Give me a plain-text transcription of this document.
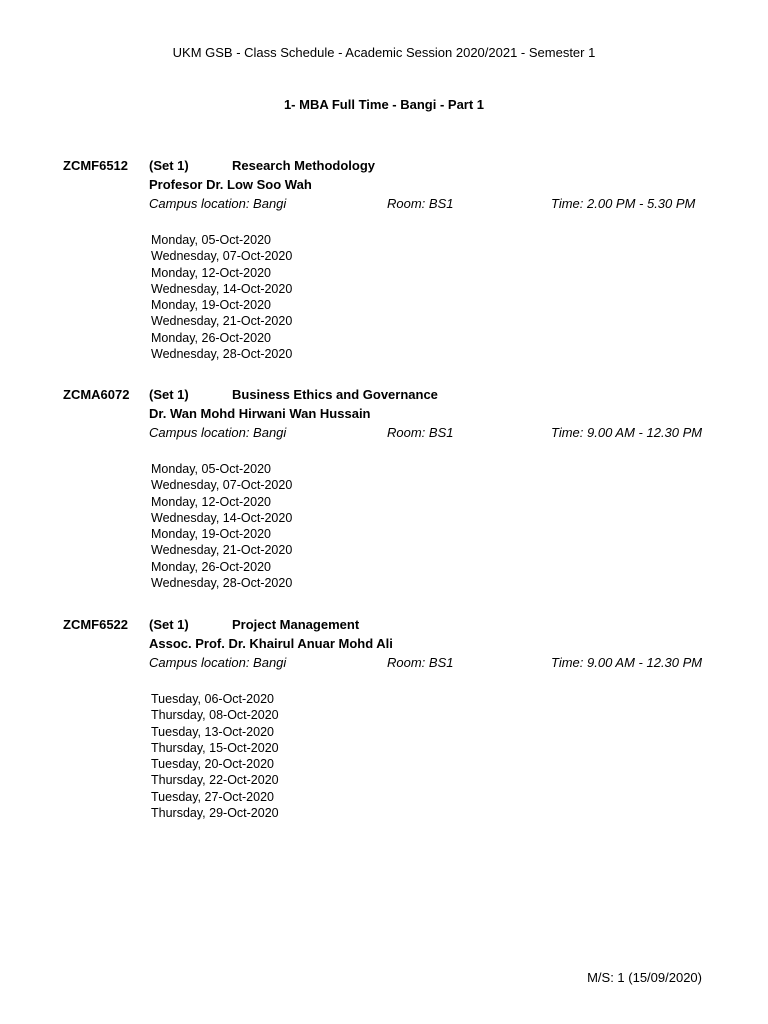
UKM GSB - Class Schedule - Academic Session 2020/2021 - Semester 1
1- MBA Full Time - Bangi - Part 1
ZCMF6512 (Set 1)	Research Methodology
Profesor Dr. Low Soo Wah
Campus location: Bangi	Room: BS1	Time: 2.00 PM - 5.30 PM
Monday, 05-Oct-2020
Wednesday, 07-Oct-2020
Monday, 12-Oct-2020
Wednesday, 14-Oct-2020
Monday, 19-Oct-2020
Wednesday, 21-Oct-2020
Monday, 26-Oct-2020
Wednesday, 28-Oct-2020
ZCMA6072 (Set 1)	Business Ethics and Governance
Dr. Wan Mohd Hirwani Wan Hussain
Campus location: Bangi	Room: BS1	Time: 9.00 AM - 12.30 PM
Monday, 05-Oct-2020
Wednesday, 07-Oct-2020
Monday, 12-Oct-2020
Wednesday, 14-Oct-2020
Monday, 19-Oct-2020
Wednesday, 21-Oct-2020
Monday, 26-Oct-2020
Wednesday, 28-Oct-2020
ZCMF6522 (Set 1)	Project Management
Assoc. Prof. Dr. Khairul Anuar Mohd Ali
Campus location: Bangi	Room: BS1	Time: 9.00 AM - 12.30 PM
Tuesday, 06-Oct-2020
Thursday, 08-Oct-2020
Tuesday, 13-Oct-2020
Thursday, 15-Oct-2020
Tuesday, 20-Oct-2020
Thursday, 22-Oct-2020
Tuesday, 27-Oct-2020
Thursday, 29-Oct-2020
M/S: 1 (15/09/2020)
